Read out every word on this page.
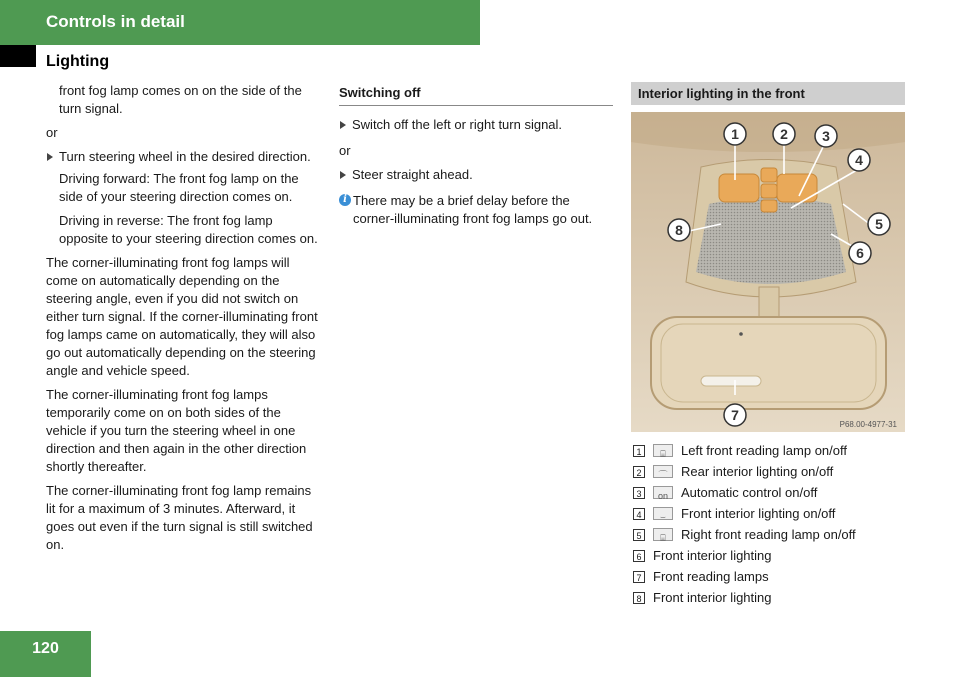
Controls in detail
Lighting

front fog lamp comes on on the side of the turn signal.

or

Turn steering wheel in the desired direction.

Driving forward: The front fog lamp on the side of your steering direction comes on.

Driving in reverse: The front fog lamp opposite to your steering direction comes on.

The corner-illuminating front fog lamps will come on automatically depending on the steering angle, even if you did not switch on either turn signal. If the corner-illuminating front fog lamps came on automatically, they will also go out automatically depending on the steering angle and vehicle speed.

The corner-illuminating front fog lamps temporarily come on on both sides of the vehicle if you turn the steering wheel in one direction and then again in the other direction shortly thereafter.

The corner-illuminating front fog lamp remains lit for a maximum of 3 minutes. Afterward, it goes out even if the turn signal is still switched on.

Switching off
Switch off the left or right turn signal.

or

Steer straight ahead.
i There may be a brief delay before the corner-illuminating front fog lamps go out.
Interior lighting in the front
1	2 3
4
5
6
7
8
P68.00-4977-31
1	⌸	Left front reading lamp on/off
2	⌒	Rear interior lighting on/off
3	on	Automatic control on/off
4	⌣	Front interior lighting on/off
5	⌸	Right front reading lamp on/off
6 Front interior lighting
7 Front reading lamps
8 Front interior lighting
120
